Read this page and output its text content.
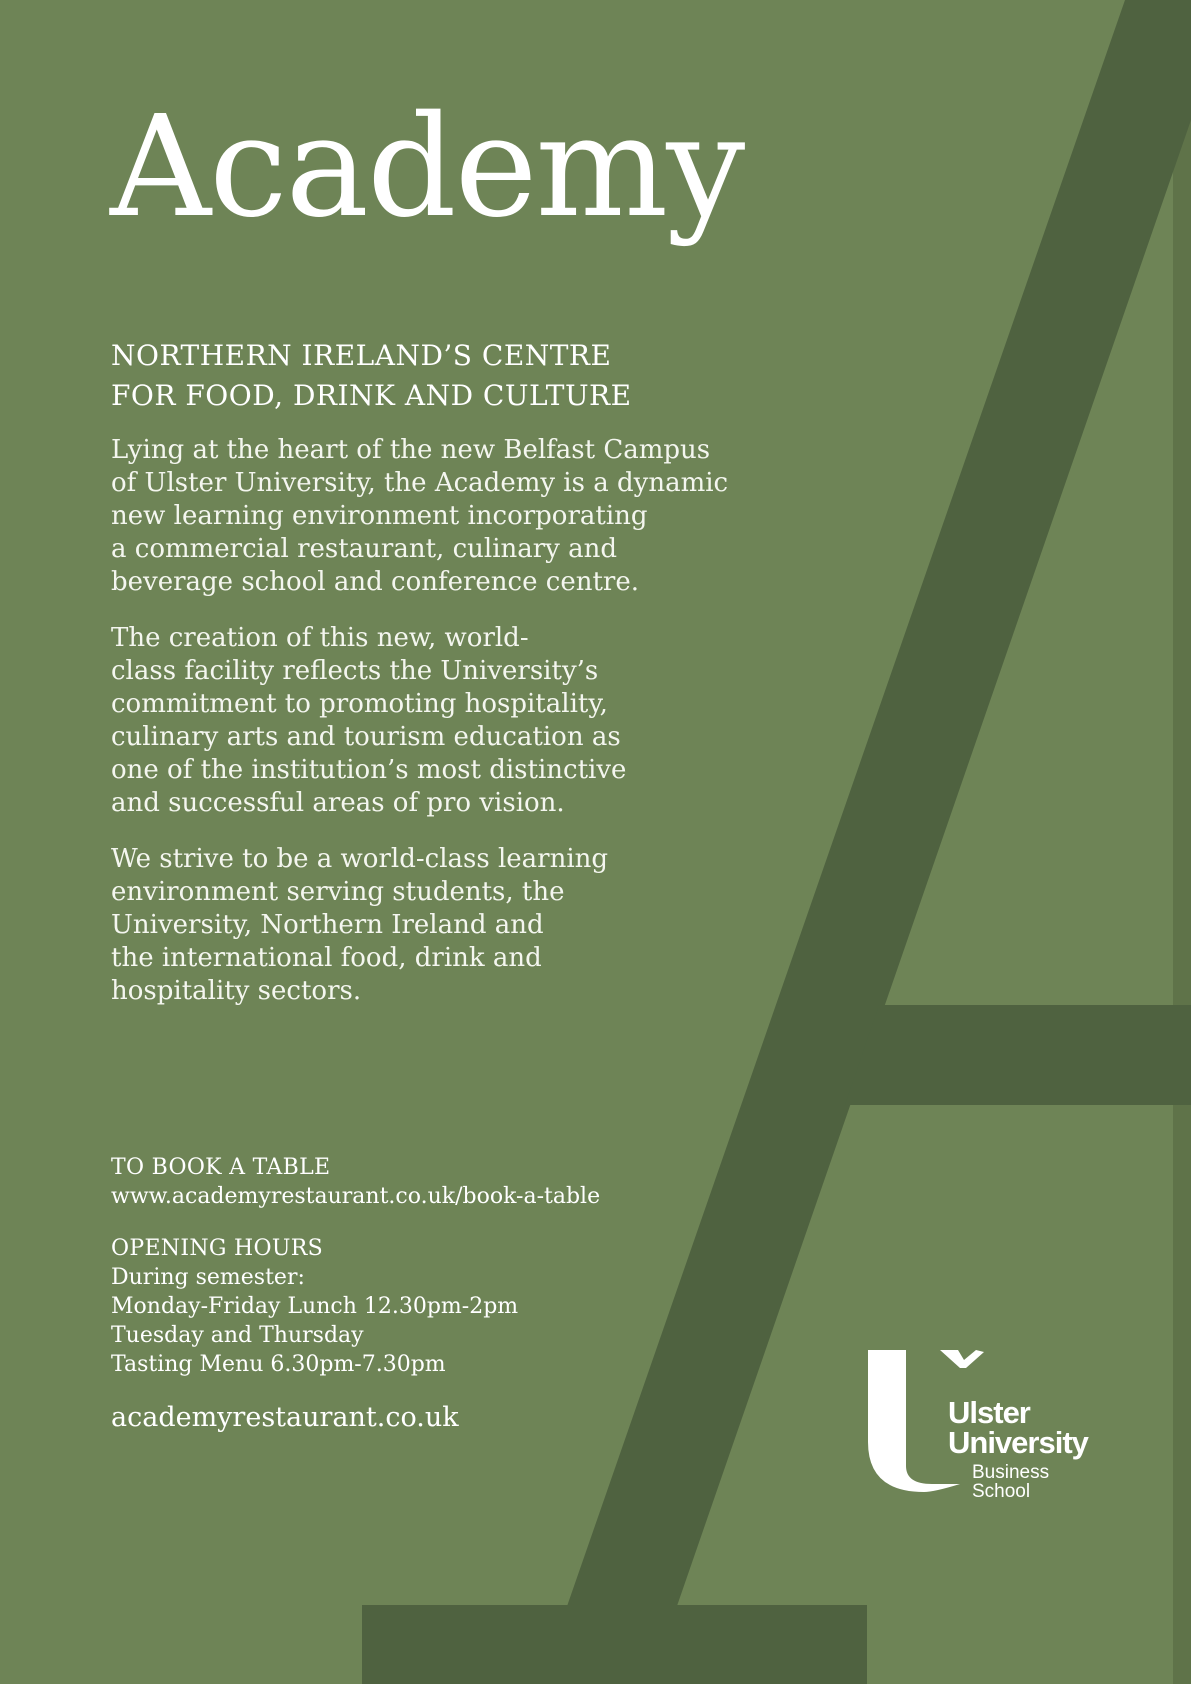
Academy
NORTHERN IRELAND’S CENTRE
FOR FOOD, DRINK AND CULTURE

Lying at the heart of the new Belfast Campus
of Ulster University, the Academy is a dynamic
new learning environment incorporating
a commercial restaurant, culinary and
beverage school and conference centre.

The creation of this new, world-
class facility reflects the University’s
commitment to promoting hospitality,
culinary arts and tourism education as
one of the institution’s most distinctive
and successful areas of pro vision.

We strive to be a world-class learning
environment serving students, the
University, Northern Ireland and
the international food, drink and
hospitality sectors.

TO BOOK A TABLE
www.academyrestaurant.co.uk/book-a-table
OPENING HOURS
During semester:
Monday-Friday Lunch 12.30pm-2pm
Tuesday and Thursday
Tasting Menu 6.30pm-7.30pm
academyrestaurant.co.uk	Ulster
University
Business
School
